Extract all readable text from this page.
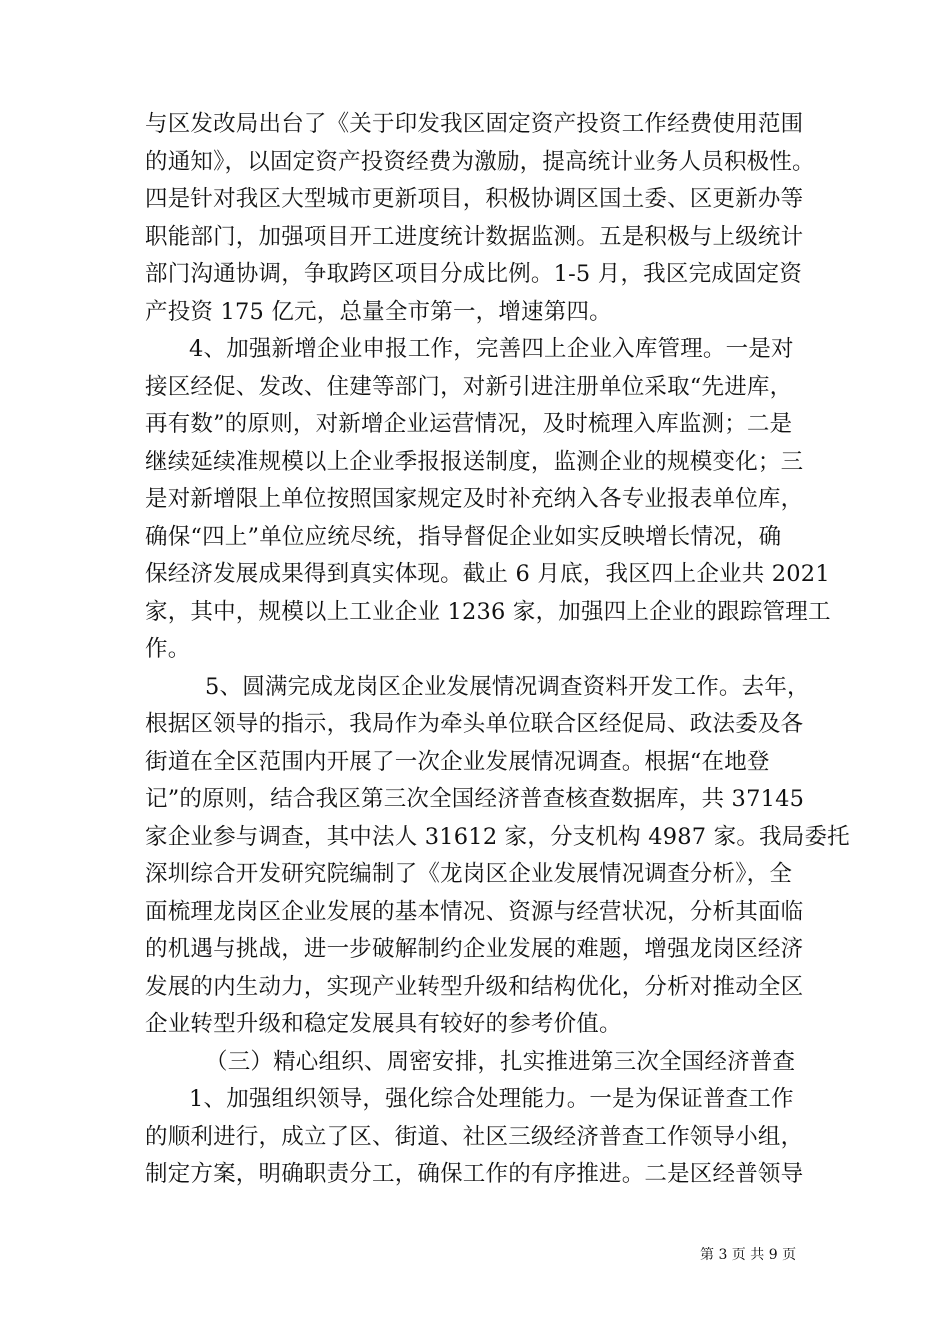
与区发改局出台了《关于印发我区固定资产投资工作经费使用范围
的通知》，以固定资产投资经费为激励，提高统计业务人员积极性。
四是针对我区大型城市更新项目，积极协调区国土委、区更新办等
职能部门，加强项目开工进度统计数据监测。五是积极与上级统计
部门沟通协调，争取跨区项目分成比例。1-5 月，我区完成固定资
产投资 175 亿元，总量全市第一，增速第四。
4、加强新增企业申报工作，完善四上企业入库管理。一是对
接区经促、发改、住建等部门，对新引进注册单位采取“先进库，
再有数”的原则，对新增企业运营情况，及时梳理入库监测；二是
继续延续准规模以上企业季报报送制度，监测企业的规模变化；三
是对新增限上单位按照国家规定及时补充纳入各专业报表单位库，
确保“四上”单位应统尽统，指导督促企业如实反映增长情况，确
保经济发展成果得到真实体现。截止 6 月底，我区四上企业共 2021
家，其中，规模以上工业企业 1236 家，加强四上企业的跟踪管理工
作。
5、圆满完成龙岗区企业发展情况调查资料开发工作。去年，
根据区领导的指示，我局作为牵头单位联合区经促局、政法委及各
街道在全区范围内开展了一次企业发展情况调查。根据“在地登
记”的原则，结合我区第三次全国经济普查核查数据库，共 37145
家企业参与调查，其中法人 31612 家，分支机构 4987 家。我局委托
深圳综合开发研究院编制了《龙岗区企业发展情况调查分析》，全
面梳理龙岗区企业发展的基本情况、资源与经营状况，分析其面临
的机遇与挑战，进一步破解制约企业发展的难题，增强龙岗区经济
发展的内生动力，实现产业转型升级和结构优化，分析对推动全区
企业转型升级和稳定发展具有较好的参考价值。
（三）精心组织、周密安排，扎实推进第三次全国经济普查
1、加强组织领导，强化综合处理能力。一是为保证普查工作
的顺利进行，成立了区、街道、社区三级经济普查工作领导小组，
制定方案，明确职责分工，确保工作的有序推进。二是区经普领导
第 3 页 共 9 页
